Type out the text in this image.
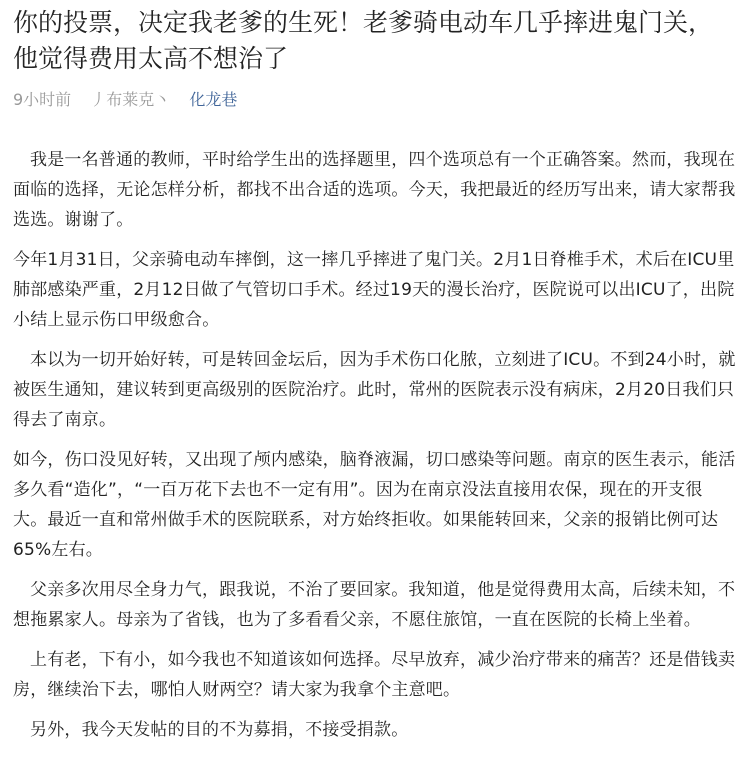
你的投票，决定我老爹的生死！老爹骑电动车几乎摔进鬼门关，他觉得费用太高不想治了
9小时前 丿布莱克丶 化龙巷

我是一名普通的教师，平时给学生出的选择题里，四个选项总有一个正确答案。然而，我现在面临的选择，无论怎样分析，都找不出合适的选项。今天，我把最近的经历写出来，请大家帮我选选。谢谢了。

今年1月31日，父亲骑电动车摔倒，这一摔几乎摔进了鬼门关。2月1日脊椎手术，术后在ICU里肺部感染严重，2月12日做了气管切口手术。经过19天的漫长治疗，医院说可以出ICU了，出院小结上显示伤口甲级愈合。

本以为一切开始好转，可是转回金坛后，因为手术伤口化脓，立刻进了ICU。不到24小时，就被医生通知，建议转到更高级别的医院治疗。此时，常州的医院表示没有病床，2月20日我们只得去了南京。

如今，伤口没见好转，又出现了颅内感染，脑脊液漏，切口感染等问题。南京的医生表示，能活多久看“造化”，“一百万花下去也不一定有用”。因为在南京没法直接用农保，现在的开支很大。最近一直和常州做手术的医院联系，对方始终拒收。如果能转回来，父亲的报销比例可达65%左右。

父亲多次用尽全身力气，跟我说，不治了要回家。我知道，他是觉得费用太高，后续未知，不想拖累家人。母亲为了省钱，也为了多看看父亲，不愿住旅馆，一直在医院的长椅上坐着。

上有老，下有小，如今我也不知道该如何选择。尽早放弃，减少治疗带来的痛苦？还是借钱卖房，继续治下去，哪怕人财两空？请大家为我拿个主意吧。

另外，我今天发帖的目的不为募捐，不接受捐款。
